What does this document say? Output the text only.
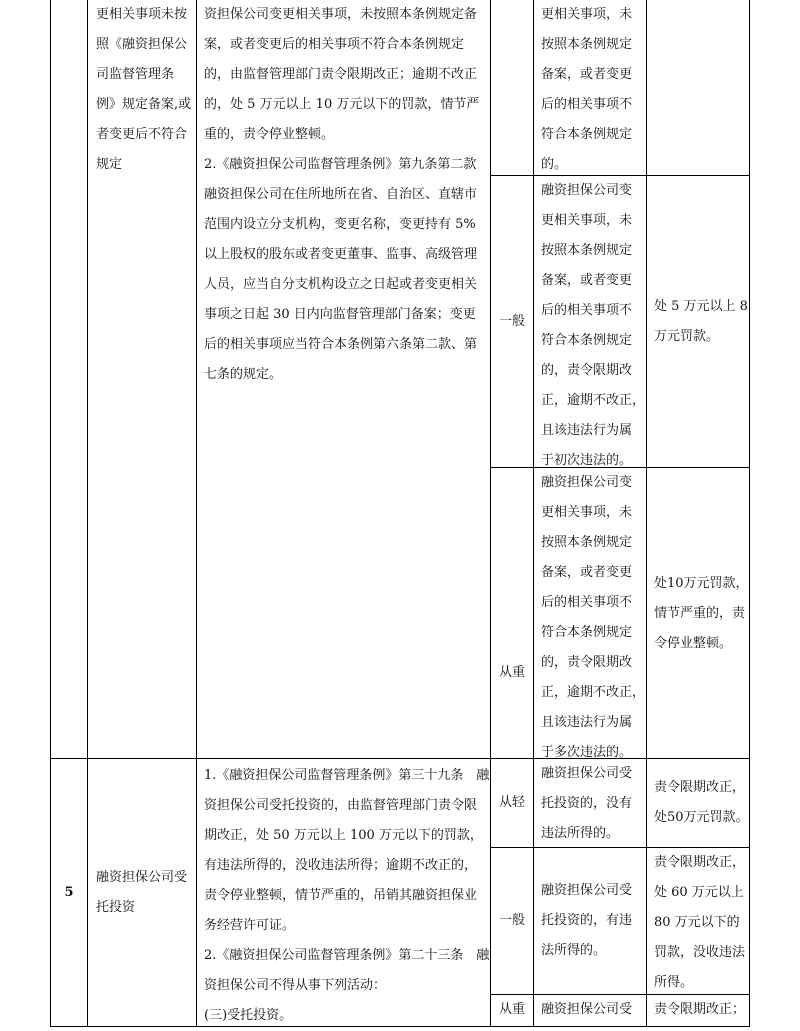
更相关事项未按
照《融资担保公
司监督管理条
例》规定备案,或
者变更后不符合
规定
资担保公司变更相关事项，未按照本条例规定备
案，或者变更后的相关事项不符合本条例规定
的，由监督管理部门责令限期改正；逾期不改正
的，处 5 万元以上 10 万元以下的罚款，情节严
重的，责令停业整顿。
2.《融资担保公司监督管理条例》第九条第二款
融资担保公司在住所地所在省、自治区、直辖市
范围内设立分支机构，变更名称，变更持有 5%
以上股权的股东或者变更董事、监事、高级管理
人员，应当自分支机构设立之日起或者变更相关
事项之日起 30 日内向监督管理部门备案；变更
后的相关事项应当符合本条例第六条第二款、第
七条的规定。
更相关事项，未
按照本条例规定
备案，或者变更
后的相关事项不
符合本条例规定
的。
一般
融资担保公司变
更相关事项，未
按照本条例规定
备案，或者变更
后的相关事项不
符合本条例规定
的，责令限期改
正，逾期不改正，
且该违法行为属
于初次违法的。
处 5 万元以上 8
万元罚款。
从重
融资担保公司变
更相关事项，未
按照本条例规定
备案，或者变更
后的相关事项不
符合本条例规定
的，责令限期改
正，逾期不改正，
且该违法行为属
于多次违法的。
处10万元罚款，
情节严重的，责
令停业整顿。
5
融资担保公司受
托投资
1.《融资担保公司监督管理条例》第三十九条　融
资担保公司受托投资的，由监督管理部门责令限
期改正，处 50 万元以上 100 万元以下的罚款，
有违法所得的，没收违法所得；逾期不改正的，
责令停业整顿，情节严重的，吊销其融资担保业
务经营许可证。
2.《融资担保公司监督管理条例》第二十三条　融
资担保公司不得从事下列活动：
(三)受托投资。
从轻
融资担保公司受
托投资的，没有
违法所得的。
责令限期改正，
处50万元罚款。
一般
融资担保公司受
托投资的，有违
法所得的。
责令限期改正，
处 60 万元以上
80 万元以下的
罚款，没收违法
所得。
从重	融资担保公司受	责令限期改正；
